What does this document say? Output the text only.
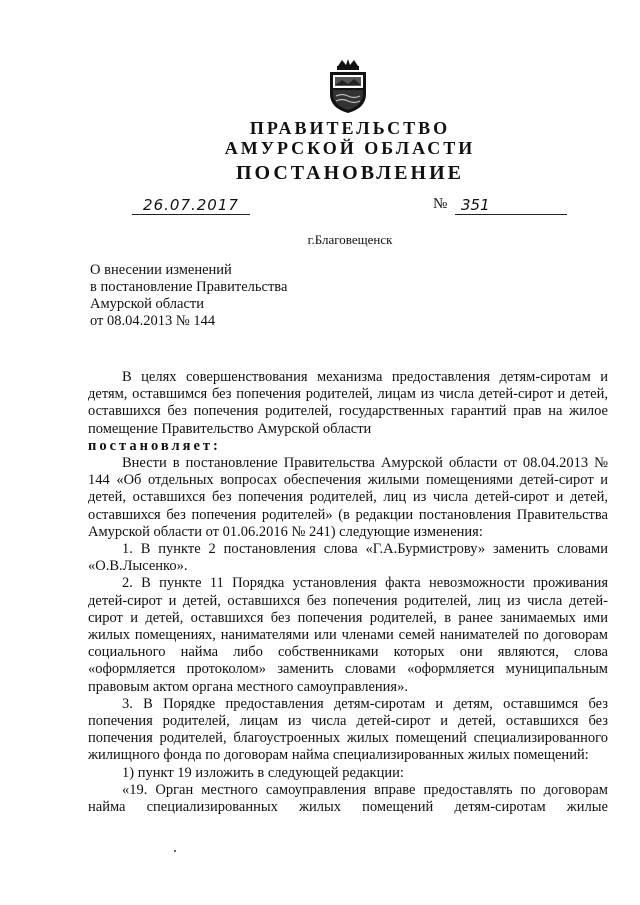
ПРАВИТЕЛЬСТВО
АМУРСКОЙ ОБЛАСТИ
ПОСТАНОВЛЕНИЕ
26.07.2017	№ 351
г.Благовещенск
О внесении изменений
в постановление Правительства
Амурской области
от 08.04.2013 № 144

В целях совершенствования механизма предоставления детям-сиротам и детям, оставшимся без попечения родителей, лицам из числа детей-сирот и детей, оставшихся без попечения родителей, государственных гарантий прав на жилое помещение Правительство Амурской области

постановляет:

Внести в постановление Правительства Амурской области от 08.04.2013 № 144 «Об отдельных вопросах обеспечения жилыми помещениями детей-сирот и детей, оставшихся без попечения родителей, лиц из числа детей-сирот и детей, оставшихся без попечения родителей» (в редакции постановления Правительства Амурской области от 01.06.2016 № 241) следующие изменения:

1. В пункте 2 постановления слова «Г.А.Бурмистрову» заменить словами «О.В.Лысенко».

2. В пункте 11 Порядка установления факта невозможности проживания детей-сирот и детей, оставшихся без попечения родителей, лиц из числа детей-сирот и детей, оставшихся без попечения родителей, в ранее занимаемых ими жилых помещениях, нанимателями или членами семей нанимателей по договорам социального найма либо собственниками которых они являются, слова «оформляется протоколом» заменить словами «оформляется муниципальным правовым актом органа местного самоуправления».

3. В Порядке предоставления детям-сиротам и детям, оставшимся без попечения родителей, лицам из числа детей-сирот и детей, оставшихся без попечения родителей, благоустроенных жилых помещений специализированного жилищного фонда по договорам найма специализированных жилых помещений:

1) пункт 19 изложить в следующей редакции:

«19. Орган местного самоуправления вправе предоставлять по договорам найма специализированных жилых помещений детям-сиротам жилые
